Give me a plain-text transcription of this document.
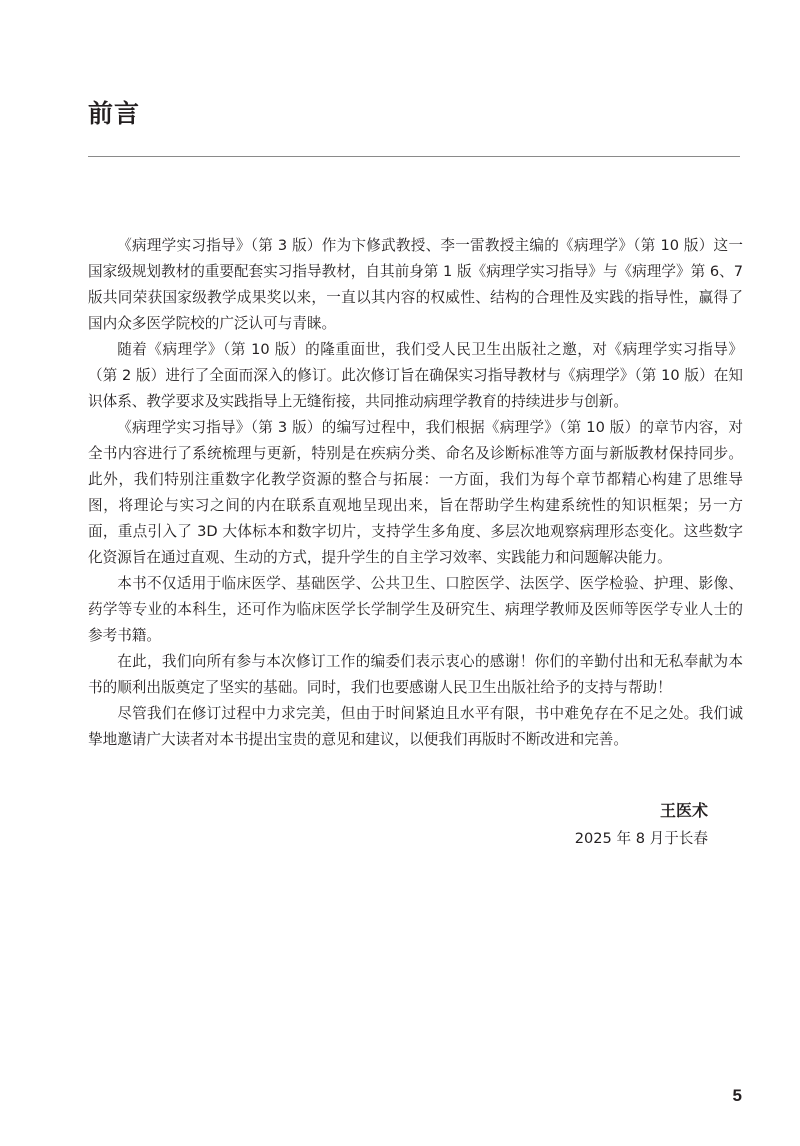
前言

《病理学实习指导》（第 3 版）作为卞修武教授、李一雷教授主编的《病理学》（第 10 版）这一国家级规划教材的重要配套实习指导教材，自其前身第 1 版《病理学实习指导》与《病理学》第 6、7 版共同荣获国家级教学成果奖以来，一直以其内容的权威性、结构的合理性及实践的指导性，赢得了国内众多医学院校的广泛认可与青睐。

随着《病理学》（第 10 版）的隆重面世，我们受人民卫生出版社之邀，对《病理学实习指导》（第 2 版）进行了全面而深入的修订。此次修订旨在确保实习指导教材与《病理学》（第 10 版）在知识体系、教学要求及实践指导上无缝衔接，共同推动病理学教育的持续进步与创新。

《病理学实习指导》（第 3 版）的编写过程中，我们根据《病理学》（第 10 版）的章节内容，对全书内容进行了系统梳理与更新，特别是在疾病分类、命名及诊断标准等方面与新版教材保持同步。此外，我们特别注重数字化教学资源的整合与拓展：一方面，我们为每个章节都精心构建了思维导图，将理论与实习之间的内在联系直观地呈现出来，旨在帮助学生构建系统性的知识框架；另一方面，重点引入了 3D 大体标本和数字切片，支持学生多角度、多层次地观察病理形态变化。这些数字化资源旨在通过直观、生动的方式，提升学生的自主学习效率、实践能力和问题解决能力。

本书不仅适用于临床医学、基础医学、公共卫生、口腔医学、法医学、医学检验、护理、影像、药学等专业的本科生，还可作为临床医学长学制学生及研究生、病理学教师及医师等医学专业人士的参考书籍。

在此，我们向所有参与本次修订工作的编委们表示衷心的感谢！你们的辛勤付出和无私奉献为本书的顺利出版奠定了坚实的基础。同时，我们也要感谢人民卫生出版社给予的支持与帮助！

尽管我们在修订过程中力求完美，但由于时间紧迫且水平有限，书中难免存在不足之处。我们诚挚地邀请广大读者对本书提出宝贵的意见和建议，以便我们再版时不断改进和完善。

王医术

2025 年 8 月于长春

5
